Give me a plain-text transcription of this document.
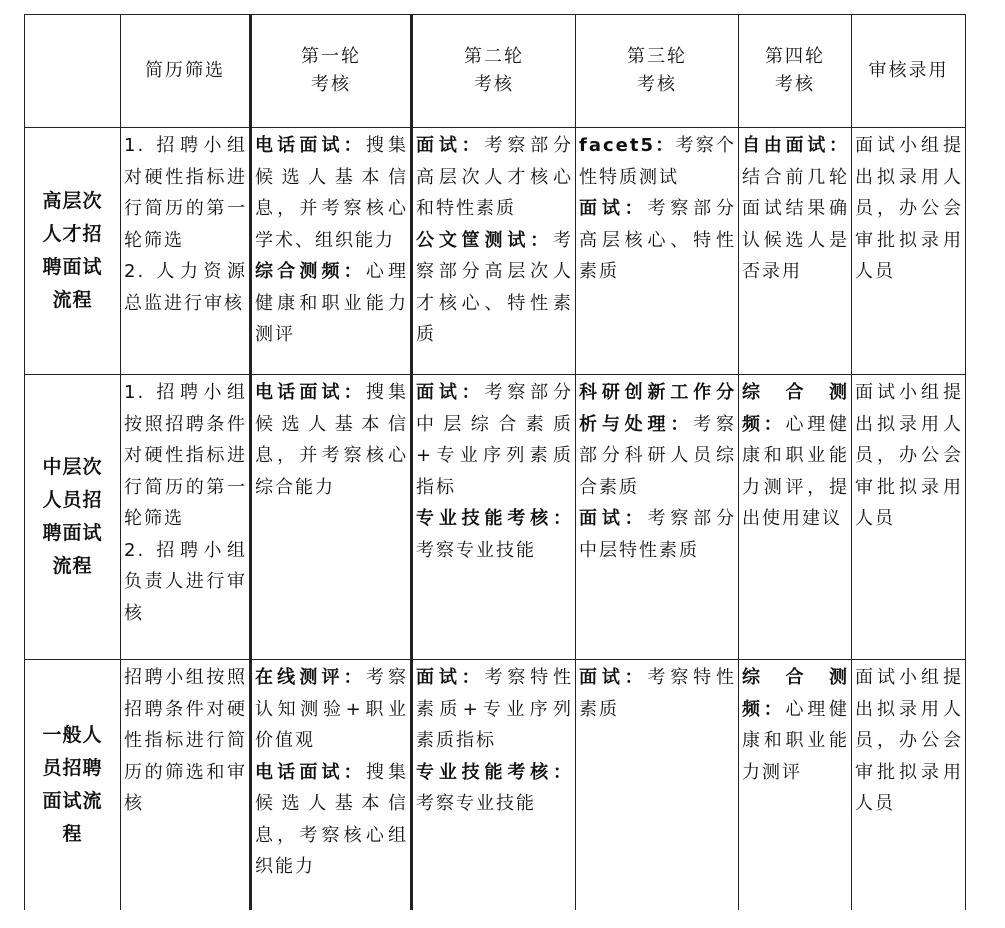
简历筛选
第一轮
考核
第二轮
考核
第三轮
考核
第四轮
考核
审核录用
高层次
人才招
聘面试
流程
中层次
人员招
聘面试
流程
一般人
员招聘
面试流
程
1. 招聘小组对硬性指标进行简历的第一轮筛选
2. 人力资源总监进行审核
电话面试：搜集候选人基本信息，并考察核心学术、组织能力
综合测频：心理健康和职业能力测评
面试：考察部分高层次人才核心和特性素质
公文筐测试：考察部分高层次人才核心、特性素质
facet5：考察个性特质测试
面试：考察部分高层核心、特性素质
自由面试：结合前几轮面试结果确认候选人是否录用
面试小组提出拟录用人员，办公会审批拟录用人员
1. 招聘小组按照招聘条件对硬性指标进行简历的第一轮筛选
2. 招聘小组负责人进行审核
电话面试：搜集候选人基本信息，并考察核心综合能力
面试：考察部分中层综合素质+专业序列素质指标
专业技能考核：考察专业技能
科研创新工作分析与处理：考察部分科研人员综合素质
面试：考察部分中层特性素质
综 合 测频：心理健康和职业能力测评，提出使用建议
面试小组提出拟录用人员，办公会审批拟录用人员
招聘小组按照招聘条件对硬性指标进行简历的筛选和审核
在线测评：考察认知测验+职业价值观
电话面试：搜集候选人基本信息，考察核心组织能力
面试：考察特性素质+专业序列素质指标
专业技能考核：考察专业技能
面试：考察特性素质
综 合 测频：心理健康和职业能力测评
面试小组提出拟录用人员，办公会审批拟录用人员
